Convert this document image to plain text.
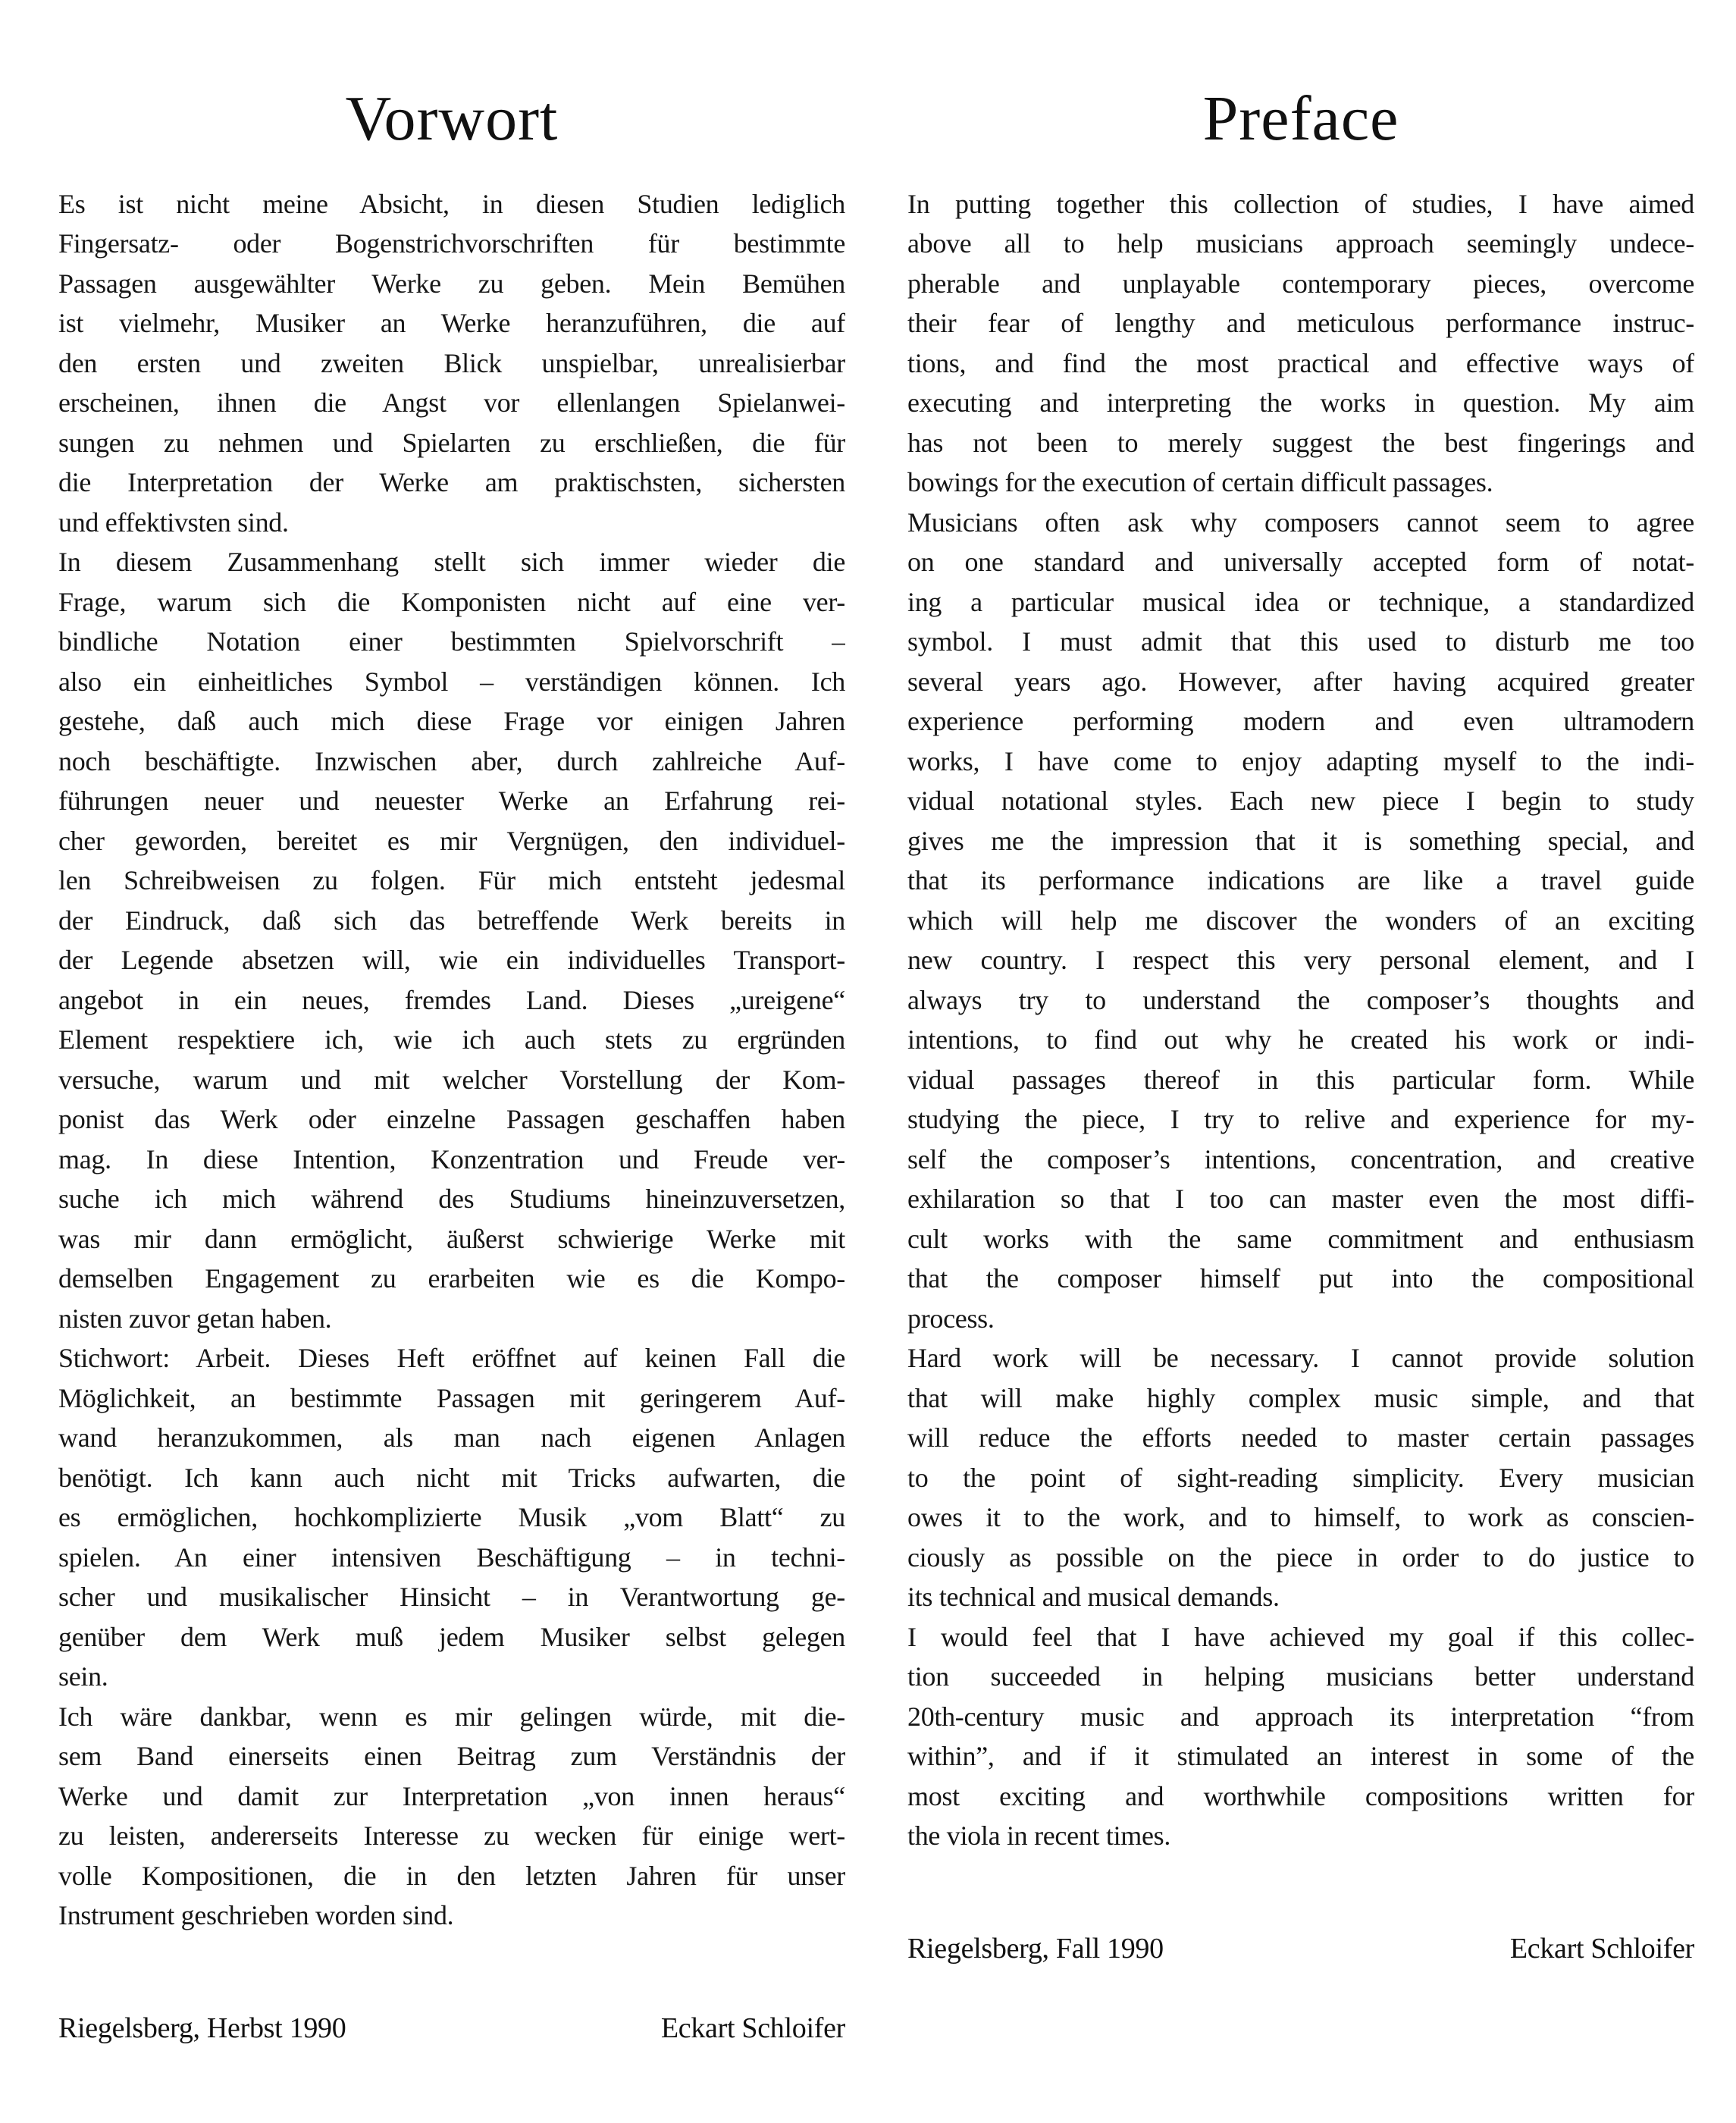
Vorwort
Es ist nicht meine Absicht, in diesen Studien lediglich
Fingersatz- oder Bogenstrichvorschriften für bestimmte
Passagen ausgewählter Werke zu geben. Mein Bemühen
ist vielmehr, Musiker an Werke heranzuführen, die auf
den ersten und zweiten Blick unspielbar, unrealisierbar
erscheinen, ihnen die Angst vor ellenlangen Spielanwei-
sungen zu nehmen und Spielarten zu erschließen, die für
die Interpretation der Werke am praktischsten, sichersten
und effektivsten sind.
In diesem Zusammenhang stellt sich immer wieder die
Frage, warum sich die Komponisten nicht auf eine ver-
bindliche Notation einer bestimmten Spielvorschrift –
also ein einheitliches Symbol – verständigen können. Ich
gestehe, daß auch mich diese Frage vor einigen Jahren
noch beschäftigte. Inzwischen aber, durch zahlreiche Auf-
führungen neuer und neuester Werke an Erfahrung rei-
cher geworden, bereitet es mir Vergnügen, den individuel-
len Schreibweisen zu folgen. Für mich entsteht jedesmal
der Eindruck, daß sich das betreffende Werk bereits in
der Legende absetzen will, wie ein individuelles Transport-
angebot in ein neues, fremdes Land. Dieses „ureigene“
Element respektiere ich, wie ich auch stets zu ergründen
versuche, warum und mit welcher Vorstellung der Kom-
ponist das Werk oder einzelne Passagen geschaffen haben
mag. In diese Intention, Konzentration und Freude ver-
suche ich mich während des Studiums hineinzuversetzen,
was mir dann ermöglicht, äußerst schwierige Werke mit
demselben Engagement zu erarbeiten wie es die Kompo-
nisten zuvor getan haben.
Stichwort: Arbeit. Dieses Heft eröffnet auf keinen Fall die
Möglichkeit, an bestimmte Passagen mit geringerem Auf-
wand heranzukommen, als man nach eigenen Anlagen
benötigt. Ich kann auch nicht mit Tricks aufwarten, die
es ermöglichen, hochkomplizierte Musik „vom Blatt“ zu
spielen. An einer intensiven Beschäftigung – in techni-
scher und musikalischer Hinsicht – in Verantwortung ge-
genüber dem Werk muß jedem Musiker selbst gelegen
sein.
Ich wäre dankbar, wenn es mir gelingen würde, mit die-
sem Band einerseits einen Beitrag zum Verständnis der
Werke und damit zur Interpretation „von innen heraus“
zu leisten, andererseits Interesse zu wecken für einige wert-
volle Kompositionen, die in den letzten Jahren für unser
Instrument geschrieben worden sind.
Riegelsberg, Herbst 1990	Eckart Schloifer
Preface
In putting together this collection of studies, I have aimed
above all to help musicians approach seemingly undece-
pherable and unplayable contemporary pieces, overcome
their fear of lengthy and meticulous performance instruc-
tions, and find the most practical and effective ways of
executing and interpreting the works in question. My aim
has not been to merely suggest the best fingerings and
bowings for the execution of certain difficult passages.
Musicians often ask why composers cannot seem to agree
on one standard and universally accepted form of notat-
ing a particular musical idea or technique, a standardized
symbol. I must admit that this used to disturb me too
several years ago. However, after having acquired greater
experience performing modern and even ultramodern
works, I have come to enjoy adapting myself to the indi-
vidual notational styles. Each new piece I begin to study
gives me the impression that it is something special, and
that its performance indications are like a travel guide
which will help me discover the wonders of an exciting
new country. I respect this very personal element, and I
always try to understand the composer’s thoughts and
intentions, to find out why he created his work or indi-
vidual passages thereof in this particular form. While
studying the piece, I try to relive and experience for my-
self the composer’s intentions, concentration, and creative
exhilaration so that I too can master even the most diffi-
cult works with the same commitment and enthusiasm
that the composer himself put into the compositional
process.
Hard work will be necessary. I cannot provide solution
that will make highly complex music simple, and that
will reduce the efforts needed to master certain passages
to the point of sight-reading simplicity. Every musician
owes it to the work, and to himself, to work as conscien-
ciously as possible on the piece in order to do justice to
its technical and musical demands.
I would feel that I have achieved my goal if this collec-
tion succeeded in helping musicians better understand
20th-century music and approach its interpretation “from
within”, and if it stimulated an interest in some of the
most exciting and worthwhile compositions written for
the viola in recent times.
Riegelsberg, Fall 1990	Eckart Schloifer
